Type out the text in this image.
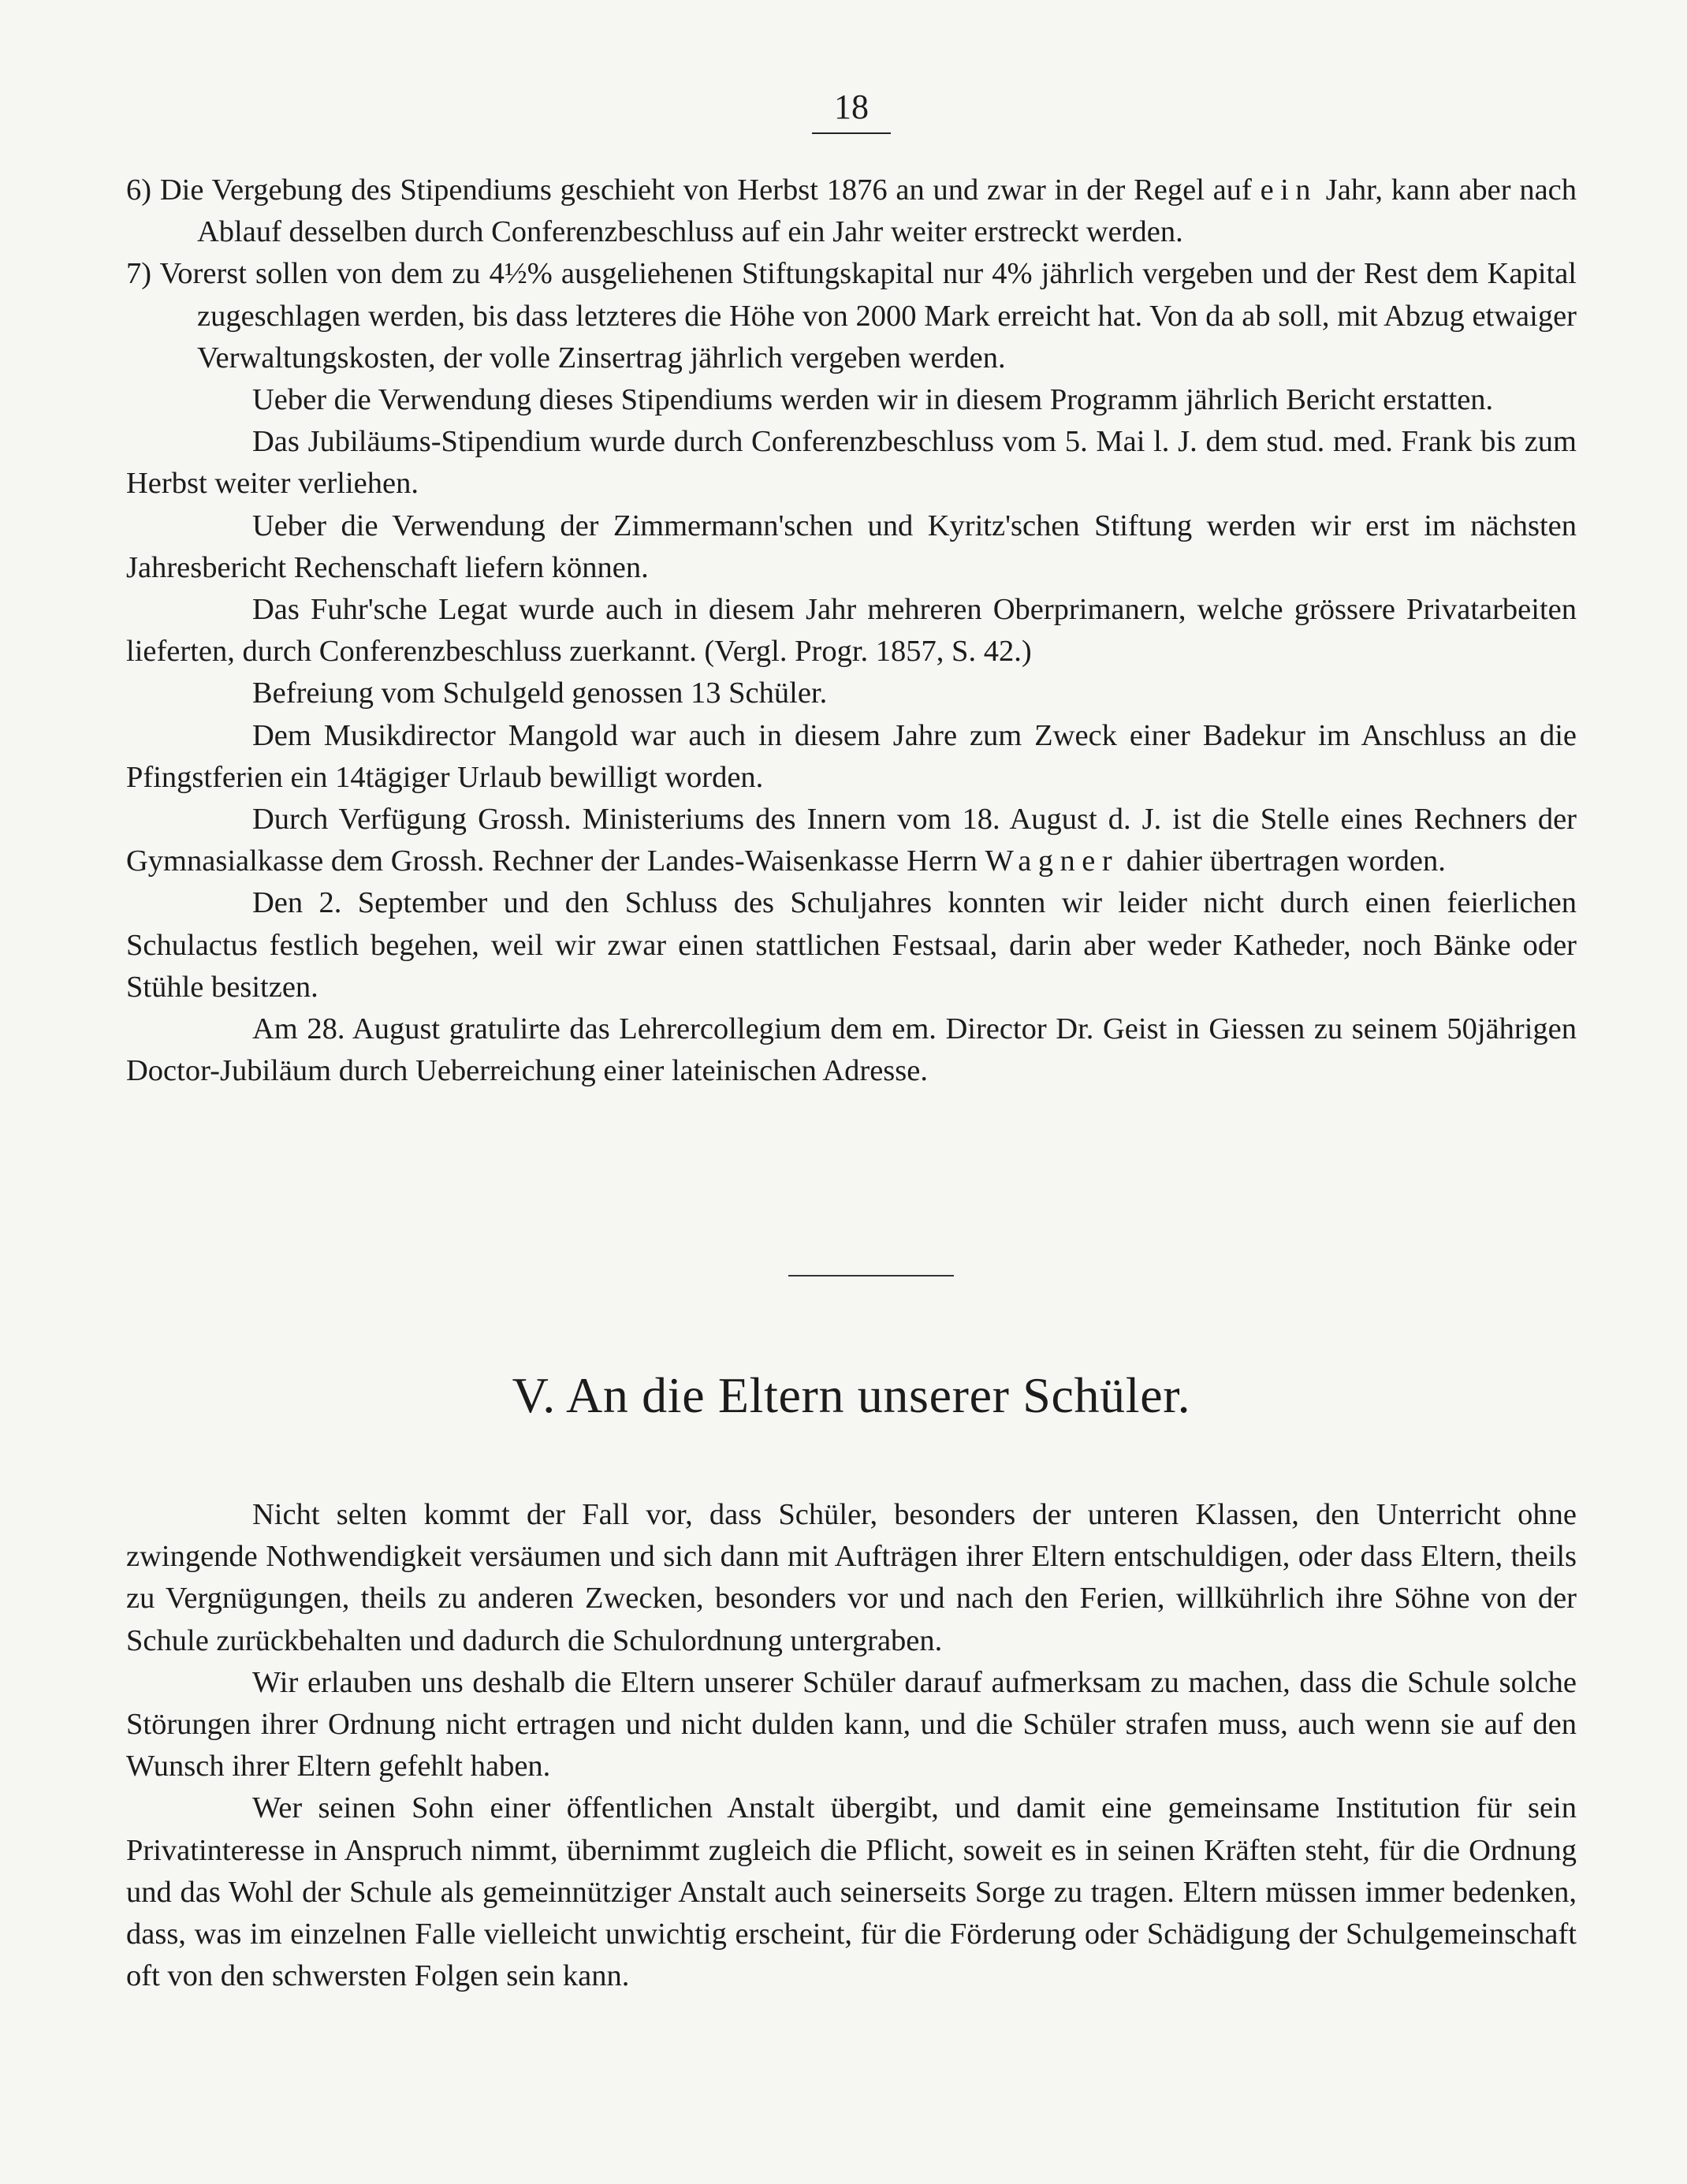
18

6) Die Vergebung des Stipendiums geschieht von Herbst 1876 an und zwar in der Regel auf ein Jahr, kann aber nach Ablauf desselben durch Conferenzbeschluss auf ein Jahr weiter erstreckt werden.

7) Vorerst sollen von dem zu 4½% ausgeliehenen Stiftungskapital nur 4% jährlich vergeben und der Rest dem Kapital zugeschlagen werden, bis dass letzteres die Höhe von 2000 Mark erreicht hat. Von da ab soll, mit Abzug etwaiger Verwaltungskosten, der volle Zinsertrag jährlich vergeben werden.

Ueber die Verwendung dieses Stipendiums werden wir in diesem Programm jährlich Bericht erstatten.

Das Jubiläums-Stipendium wurde durch Conferenzbeschluss vom 5. Mai l. J. dem stud. med. Frank bis zum Herbst weiter verliehen.

Ueber die Verwendung der Zimmermann'schen und Kyritz'schen Stiftung werden wir erst im nächsten Jahresbericht Rechenschaft liefern können.

Das Fuhr'sche Legat wurde auch in diesem Jahr mehreren Oberprimanern, welche grössere Privatarbeiten lieferten, durch Conferenzbeschluss zuerkannt. (Vergl. Progr. 1857, S. 42.)

Befreiung vom Schulgeld genossen 13 Schüler.

Dem Musikdirector Mangold war auch in diesem Jahre zum Zweck einer Badekur im Anschluss an die Pfingstferien ein 14tägiger Urlaub bewilligt worden.

Durch Verfügung Grossh. Ministeriums des Innern vom 18. August d. J. ist die Stelle eines Rechners der Gymnasialkasse dem Grossh. Rechner der Landes-Waisenkasse Herrn Wagner dahier übertragen worden.

Den 2. September und den Schluss des Schuljahres konnten wir leider nicht durch einen feierlichen Schulactus festlich begehen, weil wir zwar einen stattlichen Festsaal, darin aber weder Katheder, noch Bänke oder Stühle besitzen.

Am 28. August gratulirte das Lehrercollegium dem em. Director Dr. Geist in Giessen zu seinem 50jährigen Doctor-Jubiläum durch Ueberreichung einer lateinischen Adresse.

V. An die Eltern unserer Schüler.

Nicht selten kommt der Fall vor, dass Schüler, besonders der unteren Klassen, den Unterricht ohne zwingende Nothwendigkeit versäumen und sich dann mit Aufträgen ihrer Eltern entschuldigen, oder dass Eltern, theils zu Vergnügungen, theils zu anderen Zwecken, besonders vor und nach den Ferien, willkührlich ihre Söhne von der Schule zurückbehalten und dadurch die Schulordnung untergraben.

Wir erlauben uns deshalb die Eltern unserer Schüler darauf aufmerksam zu machen, dass die Schule solche Störungen ihrer Ordnung nicht ertragen und nicht dulden kann, und die Schüler strafen muss, auch wenn sie auf den Wunsch ihrer Eltern gefehlt haben.

Wer seinen Sohn einer öffentlichen Anstalt übergibt, und damit eine gemeinsame Institution für sein Privatinteresse in Anspruch nimmt, übernimmt zugleich die Pflicht, soweit es in seinen Kräften steht, für die Ordnung und das Wohl der Schule als gemeinnütziger Anstalt auch seinerseits Sorge zu tragen. Eltern müssen immer bedenken, dass, was im einzelnen Falle vielleicht unwichtig erscheint, für die Förderung oder Schädigung der Schulgemeinschaft oft von den schwersten Folgen sein kann.
